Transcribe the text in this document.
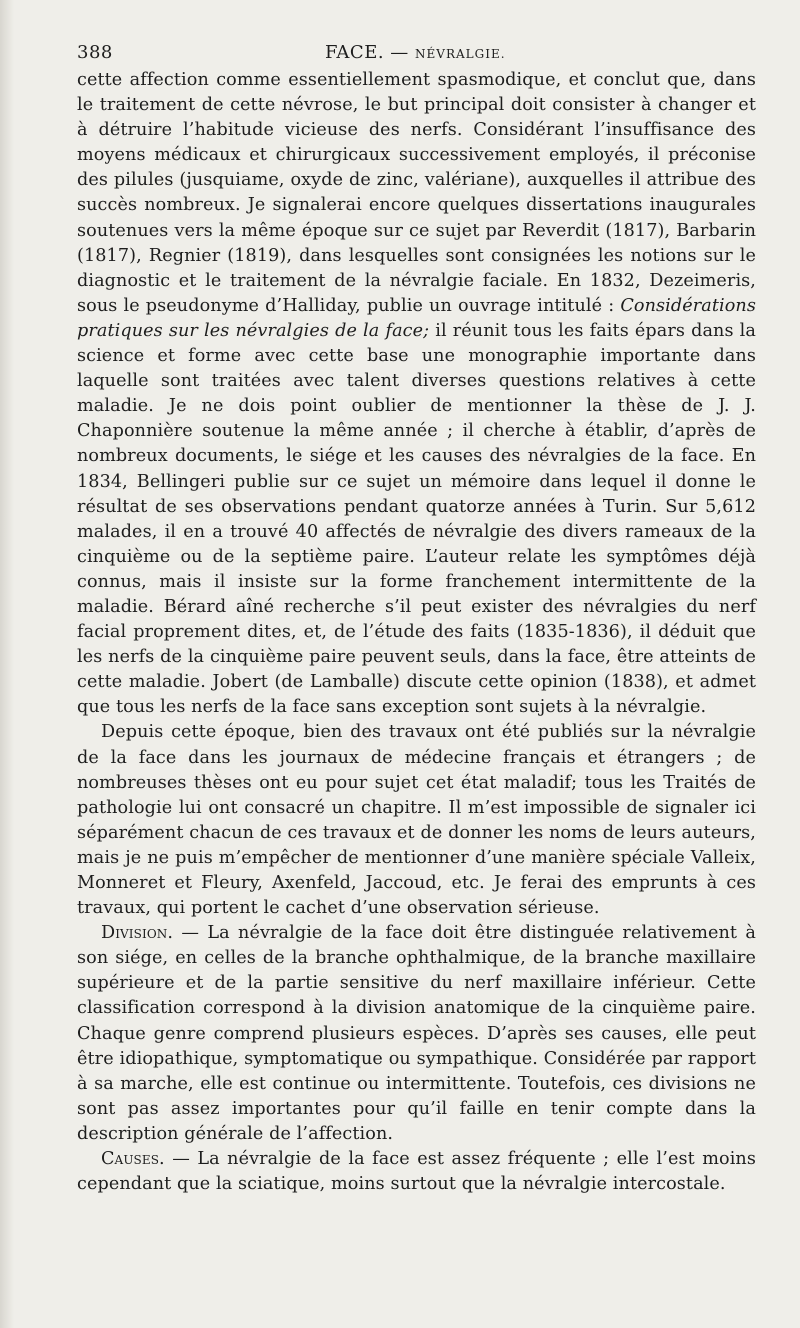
388	FACE. — NÉVRALGIE.

cette affection comme essentiellement spasmodique, et conclut que, dans le traitement de cette névrose, le but principal doit consister à changer et à détruire l’habitude vicieuse des nerfs. Considérant l’insuffisance des moyens médicaux et chirurgicaux successivement employés, il préconise des pilules (jusquiame, oxyde de zinc, valériane), auxquelles il attribue des succès nombreux. Je signalerai encore quelques dissertations inaugurales soutenues vers la même époque sur ce sujet par Reverdit (1817), Barbarin (1817), Regnier (1819), dans lesquelles sont consignées les notions sur le diagnostic et le traitement de la névralgie faciale. En 1832, Dezeimeris, sous le pseudonyme d’Halliday, publie un ouvrage intitulé : Considérations pratiques sur les névralgies de la face; il réunit tous les faits épars dans la science et forme avec cette base une monographie importante dans laquelle sont traitées avec talent diverses questions relatives à cette maladie. Je ne dois point oublier de mentionner la thèse de J. J. Chaponnière soutenue la même année ; il cherche à établir, d’après de nombreux documents, le siége et les causes des névralgies de la face. En 1834, Bellingeri publie sur ce sujet un mémoire dans lequel il donne le résultat de ses observations pendant quatorze années à Turin. Sur 5,612 malades, il en a trouvé 40 affectés de névralgie des divers rameaux de la cinquième ou de la septième paire. L’auteur relate les symptômes déjà connus, mais il insiste sur la forme franchement intermittente de la maladie. Bérard aîné recherche s’il peut exister des névralgies du nerf facial proprement dites, et, de l’étude des faits (1835-1836), il déduit que les nerfs de la cinquième paire peuvent seuls, dans la face, être atteints de cette maladie. Jobert (de Lamballe) discute cette opinion (1838), et admet que tous les nerfs de la face sans exception sont sujets à la névralgie.

Depuis cette époque, bien des travaux ont été publiés sur la névralgie de la face dans les journaux de médecine français et étrangers ; de nombreuses thèses ont eu pour sujet cet état maladif; tous les Traités de pathologie lui ont consacré un chapitre. Il m’est impossible de signaler ici séparément chacun de ces travaux et de donner les noms de leurs auteurs, mais je ne puis m’empêcher de mentionner d’une manière spéciale Valleix, Monneret et Fleury, Axenfeld, Jaccoud, etc. Je ferai des emprunts à ces travaux, qui portent le cachet d’une observation sérieuse.

Division. — La névralgie de la face doit être distinguée relativement à son siége, en celles de la branche ophthalmique, de la branche maxillaire supérieure et de la partie sensitive du nerf maxillaire inférieur. Cette classification correspond à la division anatomique de la cinquième paire. Chaque genre comprend plusieurs espèces. D’après ses causes, elle peut être idiopathique, symptomatique ou sympathique. Considérée par rapport à sa marche, elle est continue ou intermittente. Toutefois, ces divisions ne sont pas assez importantes pour qu’il faille en tenir compte dans la description générale de l’affection.

Causes. — La névralgie de la face est assez fréquente ; elle l’est moins cependant que la sciatique, moins surtout que la névralgie intercostale.
